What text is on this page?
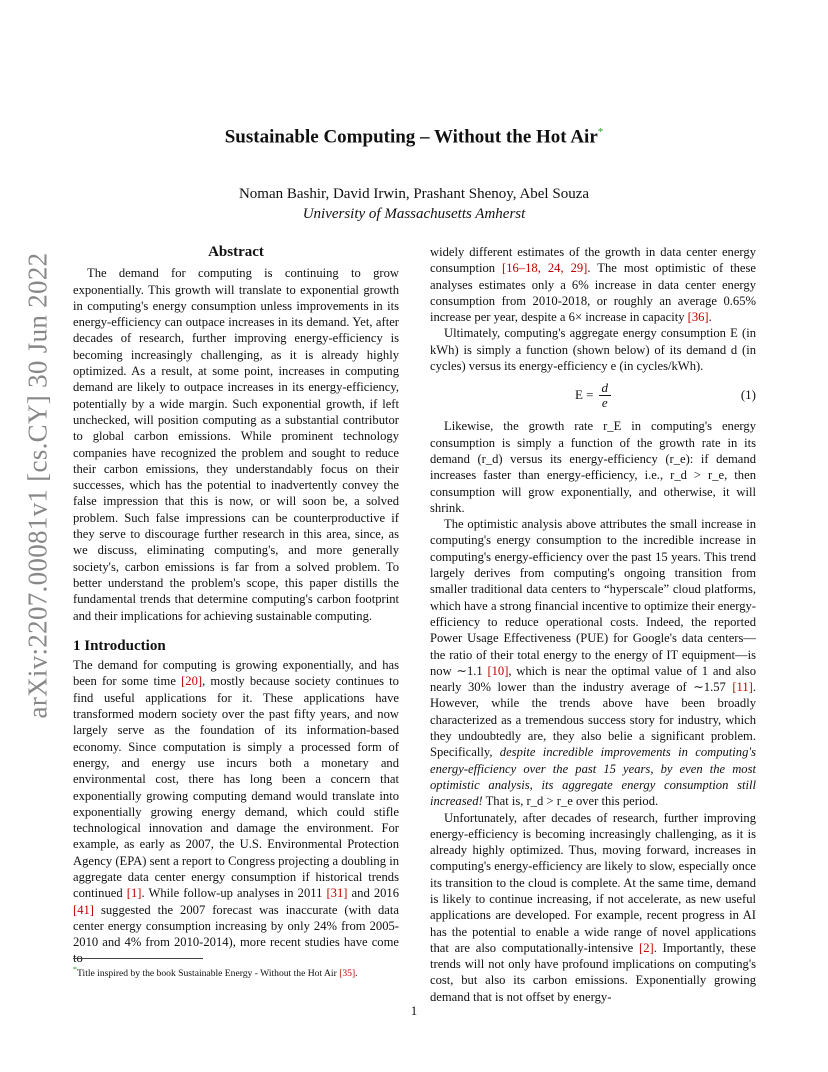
arXiv:2207.00081v1 [cs.CY] 30 Jun 2022
Sustainable Computing – Without the Hot Air*
Noman Bashir, David Irwin, Prashant Shenoy, Abel Souza
University of Massachusetts Amherst
Abstract

The demand for computing is continuing to grow exponentially. This growth will translate to exponential growth in computing's energy consumption unless improvements in its energy-efficiency can outpace increases in its demand. Yet, after decades of research, further improving energy-efficiency is becoming increasingly challenging, as it is already highly optimized. As a result, at some point, increases in computing demand are likely to outpace increases in its energy-efficiency, potentially by a wide margin. Such exponential growth, if left unchecked, will position computing as a substantial contributor to global carbon emissions. While prominent technology companies have recognized the problem and sought to reduce their carbon emissions, they understandably focus on their successes, which has the potential to inadvertently convey the false impression that this is now, or will soon be, a solved problem. Such false impressions can be counterproductive if they serve to discourage further research in this area, since, as we discuss, eliminating computing's, and more generally society's, carbon emissions is far from a solved problem. To better understand the problem's scope, this paper distills the fundamental trends that determine computing's carbon footprint and their implications for achieving sustainable computing.

1 Introduction

The demand for computing is growing exponentially, and has been for some time [20], mostly because society continues to find useful applications for it. These applications have transformed modern society over the past fifty years, and now largely serve as the foundation of its information-based economy. Since computation is simply a processed form of energy, and energy use incurs both a monetary and environmental cost, there has long been a concern that exponentially growing computing demand would translate into exponentially growing energy demand, which could stifle technological innovation and damage the environment. For example, as early as 2007, the U.S. Environmental Protection Agency (EPA) sent a report to Congress projecting a doubling in aggregate data center energy consumption if historical trends continued [1]. While follow-up analyses in 2011 [31] and 2016 [41] suggested the 2007 forecast was inaccurate (with data center energy consumption increasing by only 24% from 2005-2010 and 4% from 2010-2014), more recent studies have come to

widely different estimates of the growth in data center energy consumption [16–18, 24, 29]. The most optimistic of these analyses estimates only a 6% increase in data center energy consumption from 2010-2018, or roughly an average 0.65% increase per year, despite a 6× increase in capacity [36].

Ultimately, computing's aggregate energy consumption E (in kWh) is simply a function (shown below) of its demand d (in cycles) versus its energy-efficiency e (in cycles/kWh).

$E = \frac{d}{e}$	(1)

Likewise, the growth rate r_E in computing's energy consumption is simply a function of the growth rate in its demand (r_d) versus its energy-efficiency (r_e): if demand increases faster than energy-efficiency, i.e., r_d > r_e, then consumption will grow exponentially, and otherwise, it will shrink.

The optimistic analysis above attributes the small increase in computing's energy consumption to the incredible increase in computing's energy-efficiency over the past 15 years. This trend largely derives from computing's ongoing transition from smaller traditional data centers to “hyperscale” cloud platforms, which have a strong financial incentive to optimize their energy-efficiency to reduce operational costs. Indeed, the reported Power Usage Effectiveness (PUE) for Google's data centers—the ratio of their total energy to the energy of IT equipment—is now ∼1.1 [10], which is near the optimal value of 1 and also nearly 30% lower than the industry average of ∼1.57 [11]. However, while the trends above have been broadly characterized as a tremendous success story for industry, which they undoubtedly are, they also belie a significant problem. Specifically, despite incredible improvements in computing's energy-efficiency over the past 15 years, by even the most optimistic analysis, its aggregate energy consumption still increased! That is, r_d > r_e over this period.

Unfortunately, after decades of research, further improving energy-efficiency is becoming increasingly challenging, as it is already highly optimized. Thus, moving forward, increases in computing's energy-efficiency are likely to slow, especially once its transition to the cloud is complete. At the same time, demand is likely to continue increasing, if not accelerate, as new useful applications are developed. For example, recent progress in AI has the potential to enable a wide range of novel applications that are also computationally-intensive [2]. Importantly, these trends will not only have profound implications on computing's cost, but also its carbon emissions. Exponentially growing demand that is not offset by energy-

*Title inspired by the book Sustainable Energy - Without the Hot Air [35].
1
